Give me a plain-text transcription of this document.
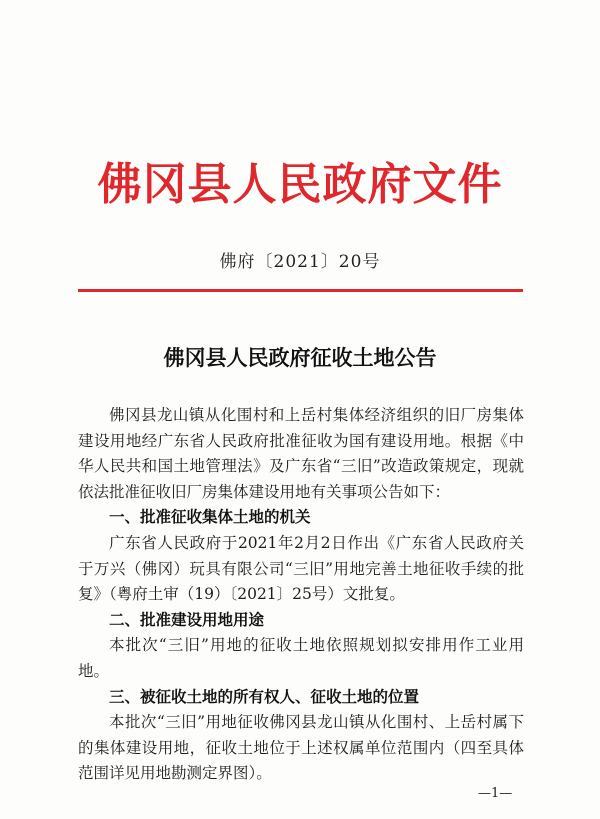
佛冈县人民政府文件
佛府〔2021〕20号
佛冈县人民政府征收土地公告

佛冈县龙山镇从化围村和上岳村集体经济组织的旧厂房集体建设用地经广东省人民政府批准征收为国有建设用地。根据《中华人民共和国土地管理法》及广东省“三旧”改造政策规定，现就依法批准征收旧厂房集体建设用地有关事项公告如下：

一、批准征收集体土地的机关

广东省人民政府于2021年2月2日作出《广东省人民政府关于万兴（佛冈）玩具有限公司“三旧”用地完善土地征收手续的批复》（粤府土审（19）〔2021〕25号）文批复。

二、批准建设用地用途

本批次“三旧”用地的征收土地依照规划拟安排用作工业用地。

三、被征收土地的所有权人、征收土地的位置

本批次“三旧”用地征收佛冈县龙山镇从化围村、上岳村属下的集体建设用地，征收土地位于上述权属单位范围内（四至具体范围详见用地勘测定界图）。

—1—
